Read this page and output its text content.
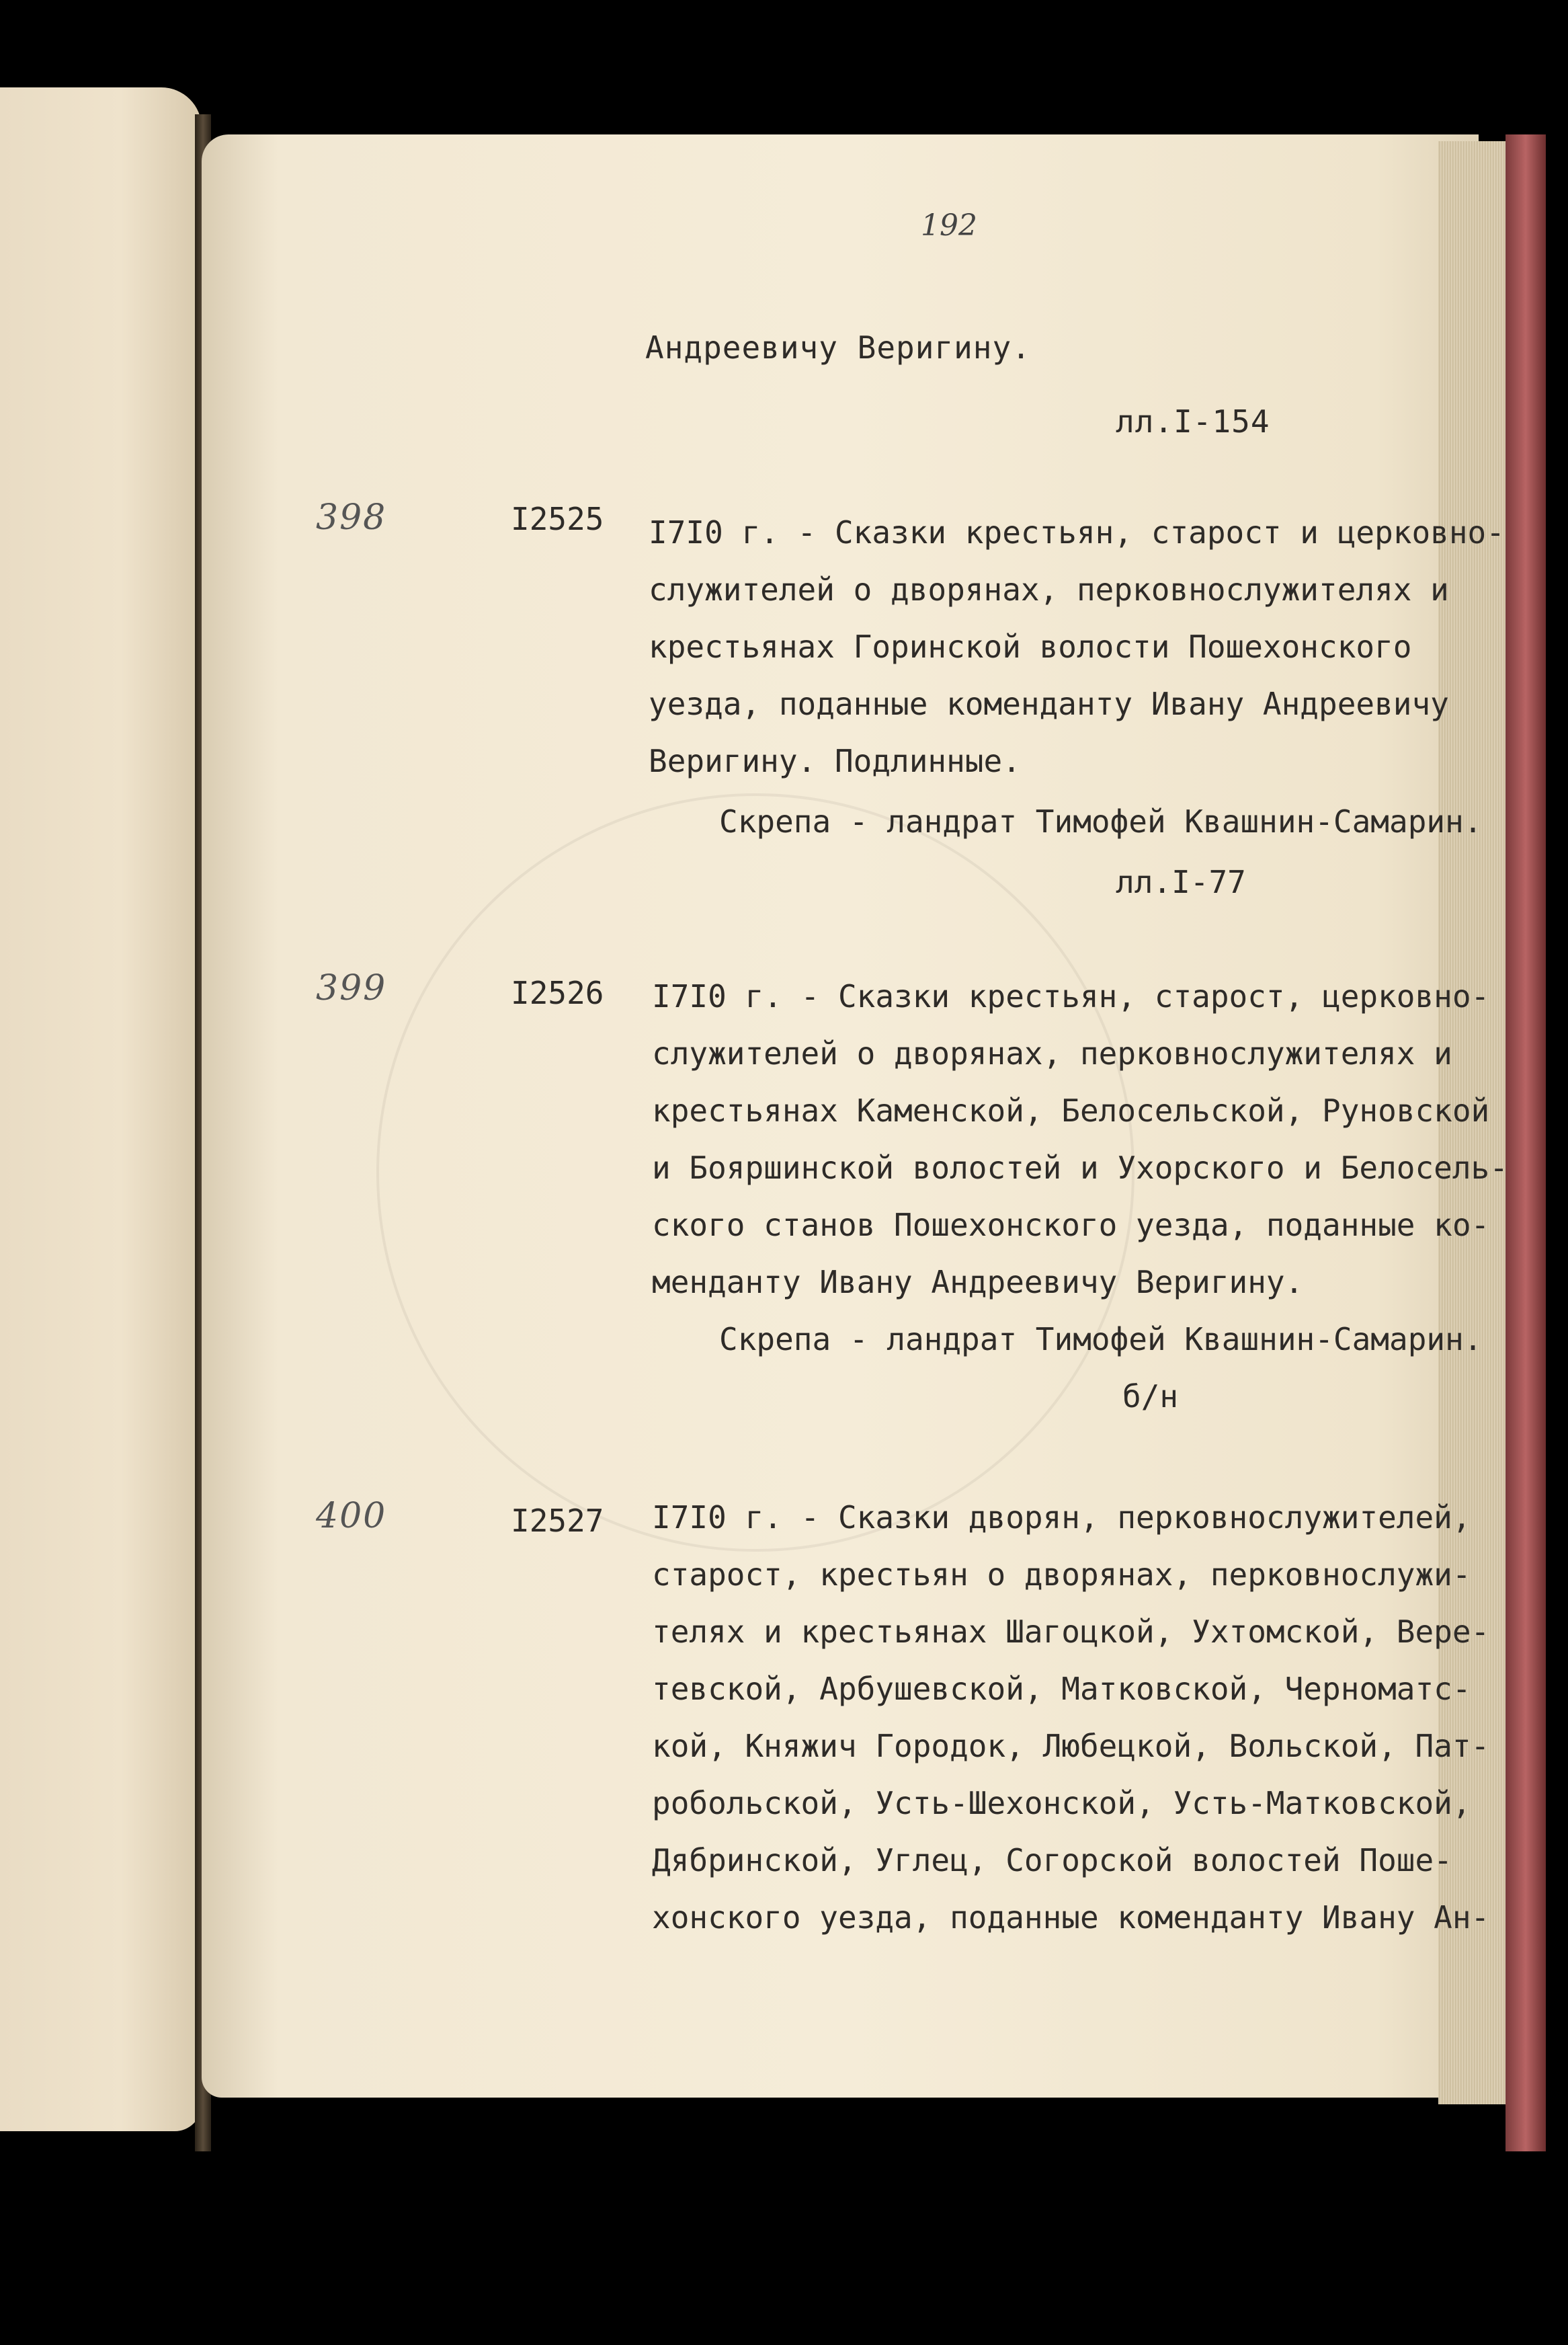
192
Андреевичу Веригину.
лл.I-154
398	I2525 I7I0 г. - Сказки крестьян, старост и церковно-
служителей о дворянах, перковнослужителях и
крестьянах Горинской волости Пошехонского
уезда, поданные коменданту Ивану Андреевичу
Веригину. Подлинные.
Скрепа - ландрат Тимофей Квашнин-Самарин.
лл.I-77
399	I2526 I7I0 г. - Сказки крестьян, старост, церковно-
служителей о дворянах, перковнослужителях и
крестьянах Каменской, Белосельской, Руновской
и Бояршинской волостей и Ухорского и Белосель-
ского станов Пошехонского уезда, поданные ко-
менданту Ивану Андреевичу Веригину.
Скрепа - ландрат Тимофей Квашнин-Самарин.
б/н
400	I2527 I7I0 г. - Сказки дворян, перковнослужителей,
старост, крестьян о дворянах, перковнослужи-
телях и крестьянах Шагоцкой, Ухтомской, Вере-
тевской, Арбушевской, Матковской, Черноматс-
кой, Княжич Городок, Любецкой, Вольской, Пат-
робольской, Усть-Шехонской, Усть-Матковской,
Дябринской, Углец, Согорской волостей Поше-
хонского уезда, поданные коменданту Ивану Ан-
